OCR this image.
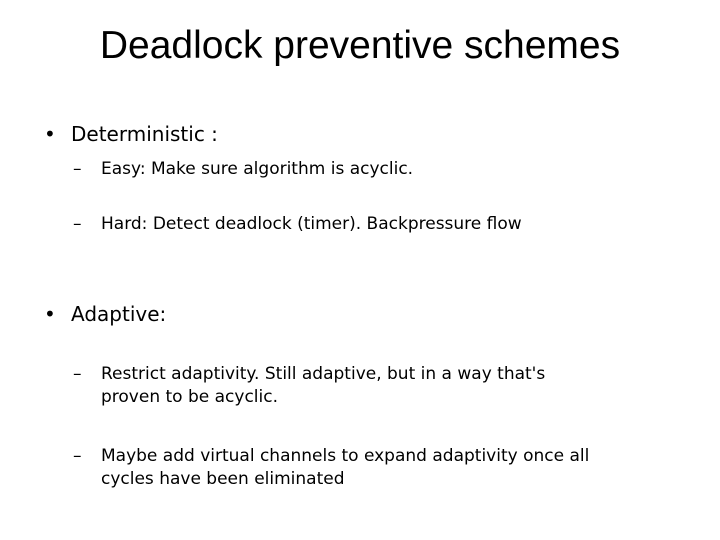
Deadlock preventive schemes
• Deterministic :
–	Easy: Make sure algorithm is acyclic.
–	Hard: Detect deadlock (timer). Backpressure flow
• Adaptive:
–	Restrict adaptivity. Still adaptive, but in a way that's
proven to be acyclic.
–	Maybe add virtual channels to expand adaptivity once all
cycles have been eliminated
